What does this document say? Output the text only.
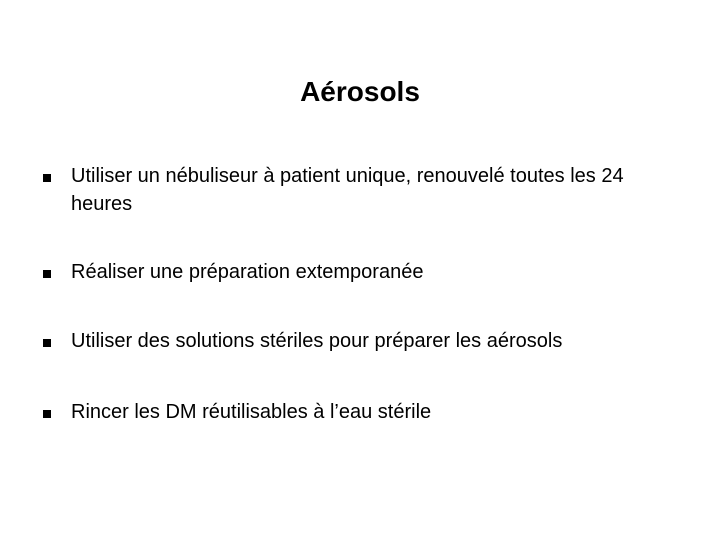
Aérosols
Utiliser un nébuliseur à patient unique, renouvelé toutes les 24 heures
Réaliser une préparation extemporanée
Utiliser des solutions stériles pour préparer les aérosols
Rincer les DM réutilisables à l’eau stérile
